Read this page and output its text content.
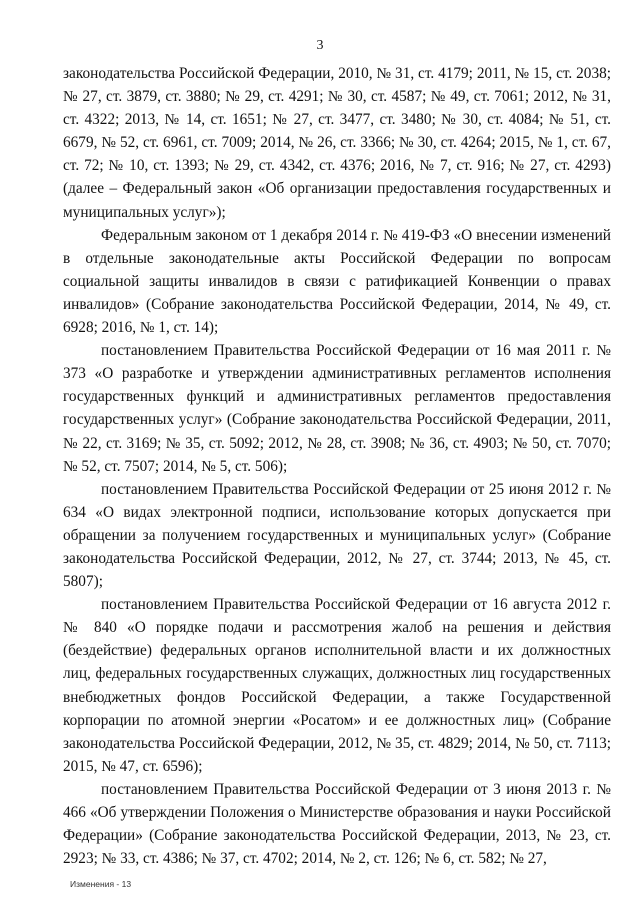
3

законодательства Российской Федерации, 2010, № 31, ст. 4179; 2011, № 15, ст. 2038; № 27, ст. 3879, ст. 3880; № 29, ст. 4291; № 30, ст. 4587; № 49, ст. 7061; 2012, № 31, ст. 4322; 2013, № 14, ст. 1651; № 27, ст. 3477, ст. 3480; № 30, ст. 4084; № 51, ст. 6679, № 52, ст. 6961, ст. 7009; 2014, № 26, ст. 3366; № 30, ст. 4264; 2015, № 1, ст. 67, ст. 72; № 10, ст. 1393; № 29, ст. 4342, ст. 4376; 2016, № 7, ст. 916; № 27, ст. 4293) (далее – Федеральный закон «Об организации предоставления государственных и муниципальных услуг»);

Федеральным законом от 1 декабря 2014 г. № 419-ФЗ «О внесении изменений в отдельные законодательные акты Российской Федерации по вопросам социальной защиты инвалидов в связи с ратификацией Конвенции о правах инвалидов» (Собрание законодательства Российской Федерации, 2014, № 49, ст. 6928; 2016, № 1, ст. 14);

постановлением Правительства Российской Федерации от 16 мая 2011 г. № 373 «О разработке и утверждении административных регламентов исполнения государственных функций и административных регламентов предоставления государственных услуг» (Собрание законодательства Российской Федерации, 2011, № 22, ст. 3169; № 35, ст. 5092; 2012, № 28, ст. 3908; № 36, ст. 4903; № 50, ст. 7070; № 52, ст. 7507; 2014, № 5, ст. 506);

постановлением Правительства Российской Федерации от 25 июня 2012 г. № 634 «О видах электронной подписи, использование которых допускается при обращении за получением государственных и муниципальных услуг» (Собрание законодательства Российской Федерации, 2012, № 27, ст. 3744; 2013, № 45, ст. 5807);

постановлением Правительства Российской Федерации от 16 августа 2012 г. № 840 «О порядке подачи и рассмотрения жалоб на решения и действия (бездействие) федеральных органов исполнительной власти и их должностных лиц, федеральных государственных служащих, должностных лиц государственных внебюджетных фондов Российской Федерации, а также Государственной корпорации по атомной энергии «Росатом» и ее должностных лиц» (Собрание законодательства Российской Федерации, 2012, № 35, ст. 4829; 2014, № 50, ст. 7113; 2015, № 47, ст. 6596);

постановлением Правительства Российской Федерации от 3 июня 2013 г. № 466 «Об утверждении Положения о Министерстве образования и науки Российской Федерации» (Собрание законодательства Российской Федерации, 2013, № 23, ст. 2923; № 33, ст. 4386; № 37, ст. 4702; 2014, № 2, ст. 126; № 6, ст. 582; № 27,

Изменения - 13
